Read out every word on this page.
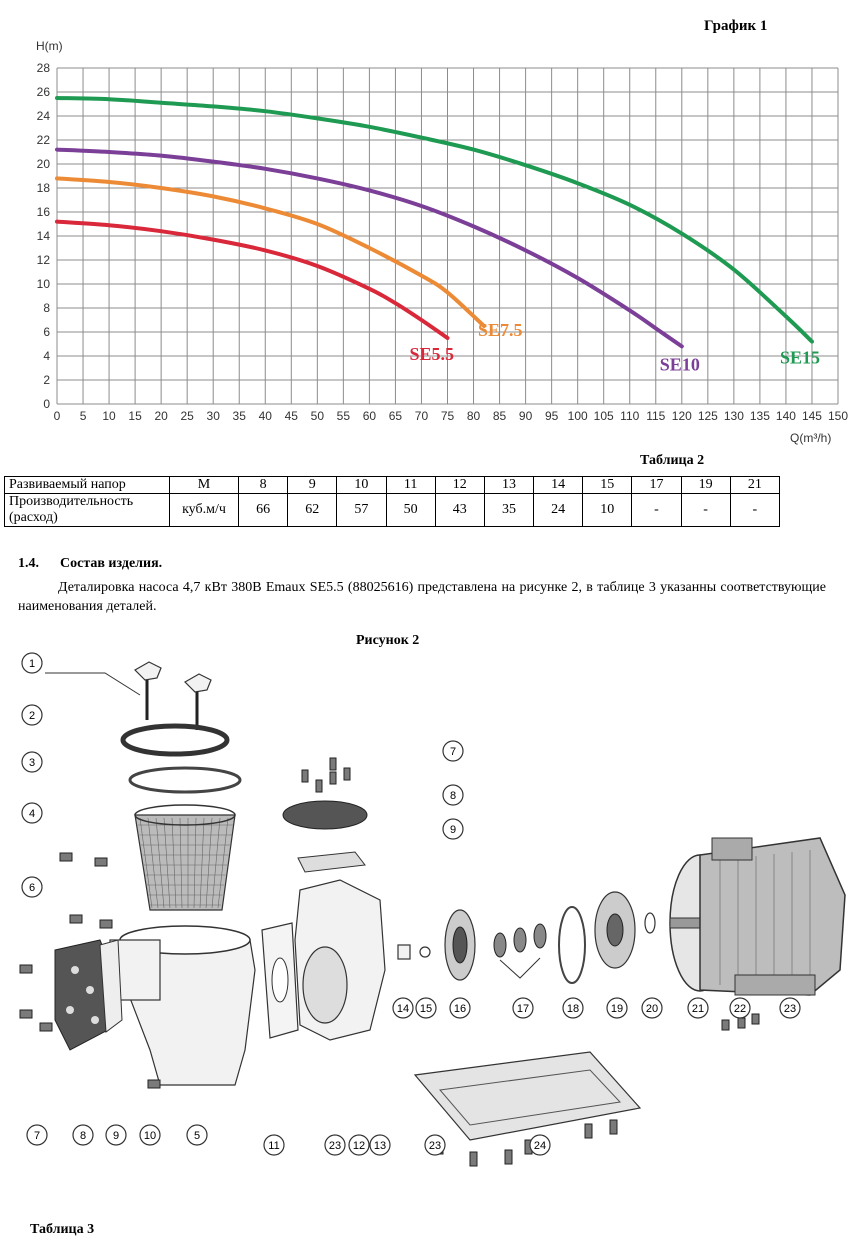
График 1
0 5 10 15 20 25 30 35 40 45 50 55 60 65 70 75 80 85 90 95 100 105 110 115 120 125 130 135 140 145 150
0
2
4
6
8
10
12
14
16
18
20
22
24
26
28
H(m)
Q(m³/h)
SE5.5
SE7.5
SE10	SE15
Таблица 2
Развиваемый напор	М	8	9	10	11	12	13	14	15	17	19	21
Производительность (расход)	куб.м/ч	66	62	57	50	43	35	24	10	-	-	-
1.4.      Состав изделия.
Деталировка насоса 4,7 кВт 380В Emaux SE5.5 (88025616) представлена на рисунке 2, в таблице 3 указанны соответствующие наименования деталей.
Рисунок 2
1
2
3
4
6
7
8
9
7	8 9 10	5
11	23 12 13
14 15 16	17	18	19 20	21	22	23
23	24
Таблица 3
